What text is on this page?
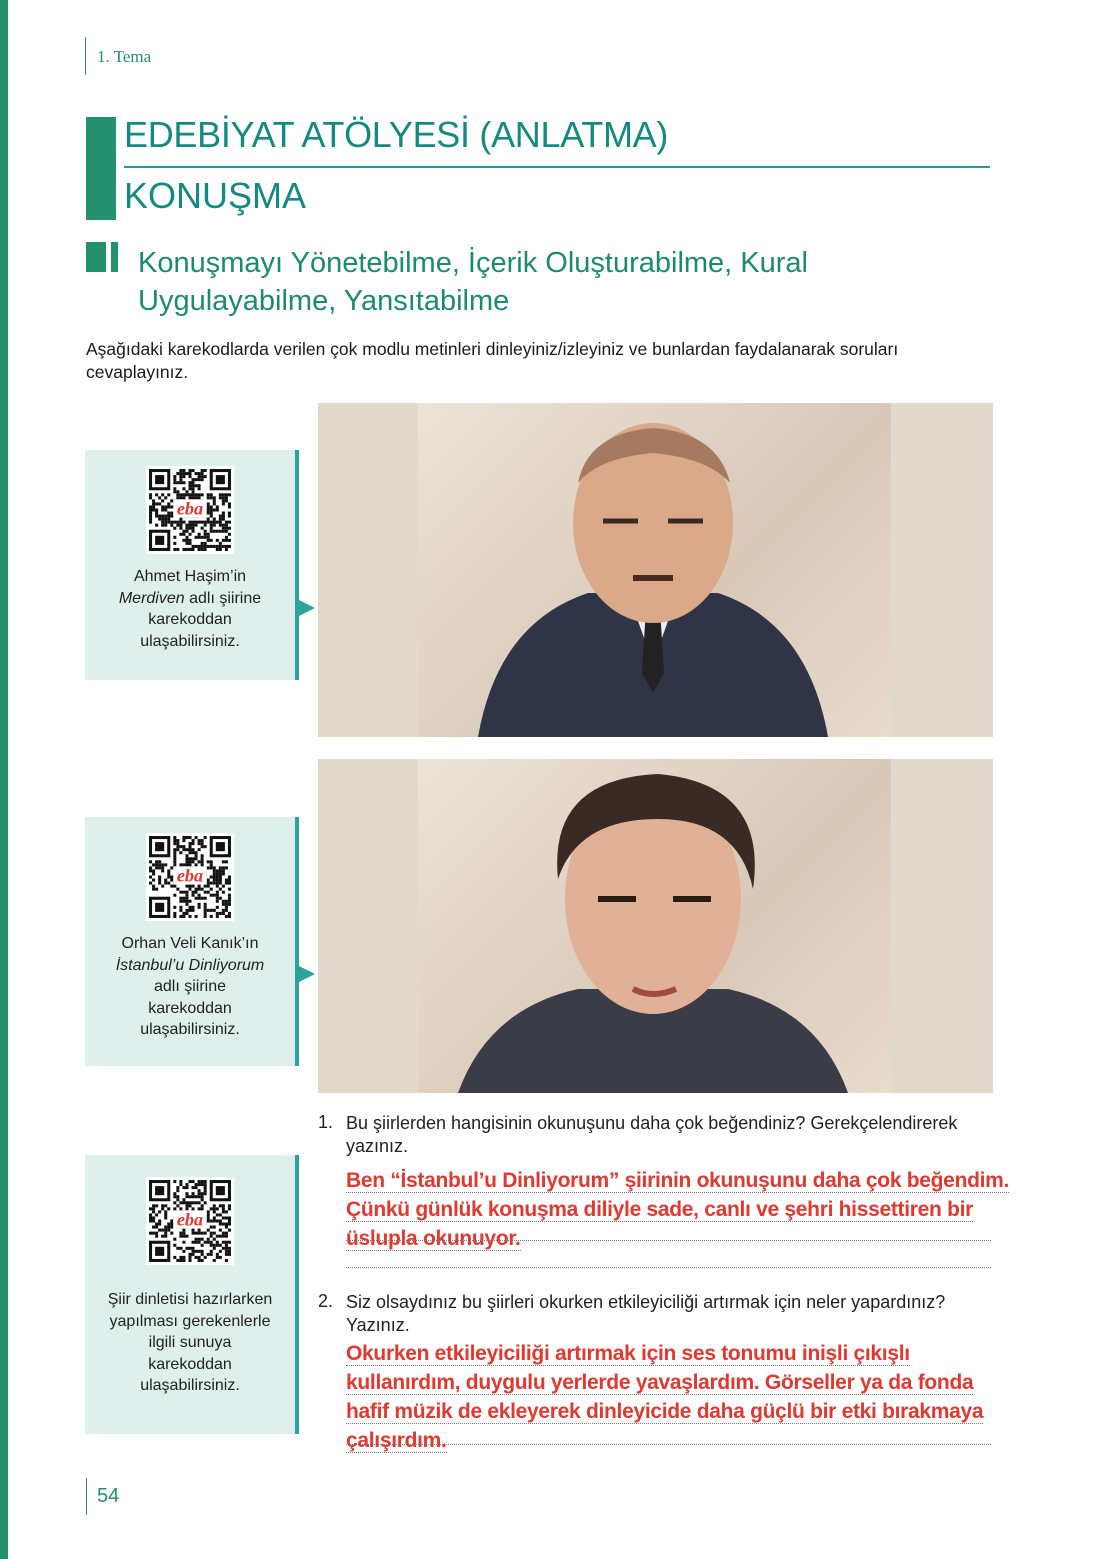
1. Tema
EDEBİYAT ATÖLYESİ (ANLATMA)
KONUŞMA
Konuşmayı Yönetebilme, İçerik Oluşturabilme, Kural Uygulayabilme, Yansıtabilme
Aşağıdaki karekodlarda verilen çok modlu metinleri dinleyiniz/izleyiniz ve bunlardan faydalanarak soruları cevaplayınız.
eba
Ahmet Haşim’in Merdiven adlı şiirine karekoddan ulaşabilirsiniz.
eba
Orhan Veli Kanık’ın İstanbul’u Dinliyorum adlı şiirine karekoddan ulaşabilirsiniz.
eba
Şiir dinletisi hazırlarken yapılması gerekenlerle ilgili sunuya karekoddan ulaşabilirsiniz.
1. Bu şiirlerden hangisinin okunuşunu daha çok beğendiniz? Gerekçelendirerek yazınız.
Ben “İstanbul’u Dinliyorum” şiirinin okunuşunu daha çok beğendim.
Çünkü günlük konuşma diliyle sade, canlı ve şehri hissettiren bir
üslupla okunuyor.
2. Siz olsaydınız bu şiirleri okurken etkileyiciliği artırmak için neler yapardınız? Yazınız.
Okurken etkileyiciliği artırmak için ses tonumu inişli çıkışlı
kullanırdım, duygulu yerlerde yavaşlardım. Görseller ya da fonda
hafif müzik de ekleyerek dinleyicide daha güçlü bir etki bırakmaya
çalışırdım.
54
